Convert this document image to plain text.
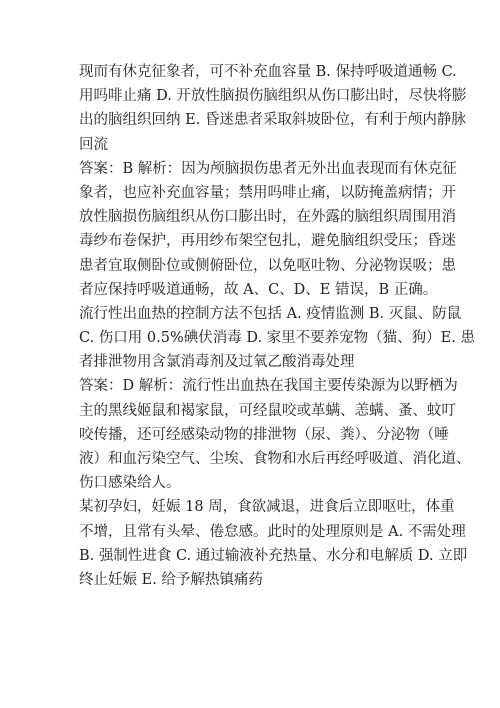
现而有休克征象者，可不补充血容量 B. 保持呼吸道通畅 C.
用吗啡止痛 D. 开放性脑损伤脑组织从伤口膨出时，尽快将膨
出的脑组织回纳 E. 昏迷患者采取斜坡卧位，有利于颅内静脉
回流
答案：B 解析：因为颅脑损伤患者无外出血表现而有休克征
象者，也应补充血容量；禁用吗啡止痛，以防掩盖病情；开
放性脑损伤脑组织从伤口膨出时，在外露的脑组织周围用消
毒纱布卷保护，再用纱布架空包扎，避免脑组织受压；昏迷
患者宜取侧卧位或侧俯卧位，以免呕吐物、分泌物误吸；患
者应保持呼吸道通畅，故 A、C、D、E 错误，B 正确。
流行性出血热的控制方法不包括 A. 疫情监测 B. 灭鼠、防鼠
C. 伤口用 0.5%碘伏消毒 D. 家里不要养宠物（猫、狗）E. 患
者排泄物用含氯消毒剂及过氧乙酸消毒处理
答案：D 解析：流行性出血热在我国主要传染源为以野栖为
主的黑线姬鼠和褐家鼠，可经鼠咬或革螨、恙螨、蚤、蚊叮
咬传播，还可经感染动物的排泄物（尿、粪）、分泌物（唾
液）和血污染空气、尘埃、食物和水后再经呼吸道、消化道、
伤口感染给人。
某初孕妇，妊娠 18 周，食欲减退，进食后立即呕吐，体重
不增，且常有头晕、倦怠感。此时的处理原则是 A. 不需处理
B. 强制性进食 C. 通过输液补充热量、水分和电解质 D. 立即
终止妊娠 E. 给予解热镇痛药
